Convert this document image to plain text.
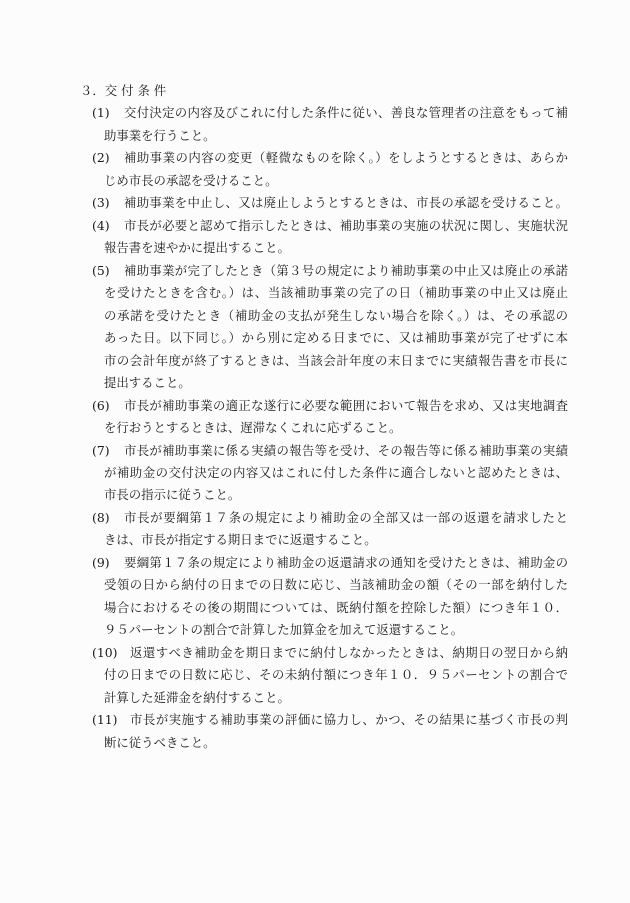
３．交 付 条 件
(1) 交付決定の内容及びこれに付した条件に従い、善良な管理者の注意をもって補
助事業を行うこと。
(2) 補助事業の内容の変更（軽微なものを除く。）をしようとするときは、あらか
じめ市長の承認を受けること。
(3) 補助事業を中止し、又は廃止しようとするときは、市長の承認を受けること。
(4) 市長が必要と認めて指示したときは、補助事業の実施の状況に関し、実施状況
報告書を速やかに提出すること。
(5) 補助事業が完了したとき（第３号の規定により補助事業の中止又は廃止の承諾
を受けたときを含む。）は、当該補助事業の完了の日（補助事業の中止又は廃止
の承諾を受けたとき（補助金の支払が発生しない場合を除く。）は、その承認の
あった日。以下同じ。）から別に定める日までに、又は補助事業が完了せずに本
市の会計年度が終了するときは、当該会計年度の末日までに実績報告書を市長に
提出すること。
(6) 市長が補助事業の適正な遂行に必要な範囲において報告を求め、又は実地調査
を行おうとするときは、遅滞なくこれに応ずること。
(7) 市長が補助事業に係る実績の報告等を受け、その報告等に係る補助事業の実績
が補助金の交付決定の内容又はこれに付した条件に適合しないと認めたときは、
市長の指示に従うこと。
(8) 市長が要綱第１７条の規定により補助金の全部又は一部の返還を請求したと
きは、市長が指定する期日までに返還すること。
(9) 要綱第１７条の規定により補助金の返還請求の通知を受けたときは、補助金の
受領の日から納付の日までの日数に応じ、当該補助金の額（その一部を納付した
場合におけるその後の期間については、既納付額を控除した額）につき年１０．
９５パーセントの割合で計算した加算金を加えて返還すること。
(10) 返還すべき補助金を期日までに納付しなかったときは、納期日の翌日から納
付の日までの日数に応じ、その未納付額につき年１０．９５パーセントの割合で
計算した延滞金を納付すること。
(11) 市長が実施する補助事業の評価に協力し、かつ、その結果に基づく市長の判
断に従うべきこと。
